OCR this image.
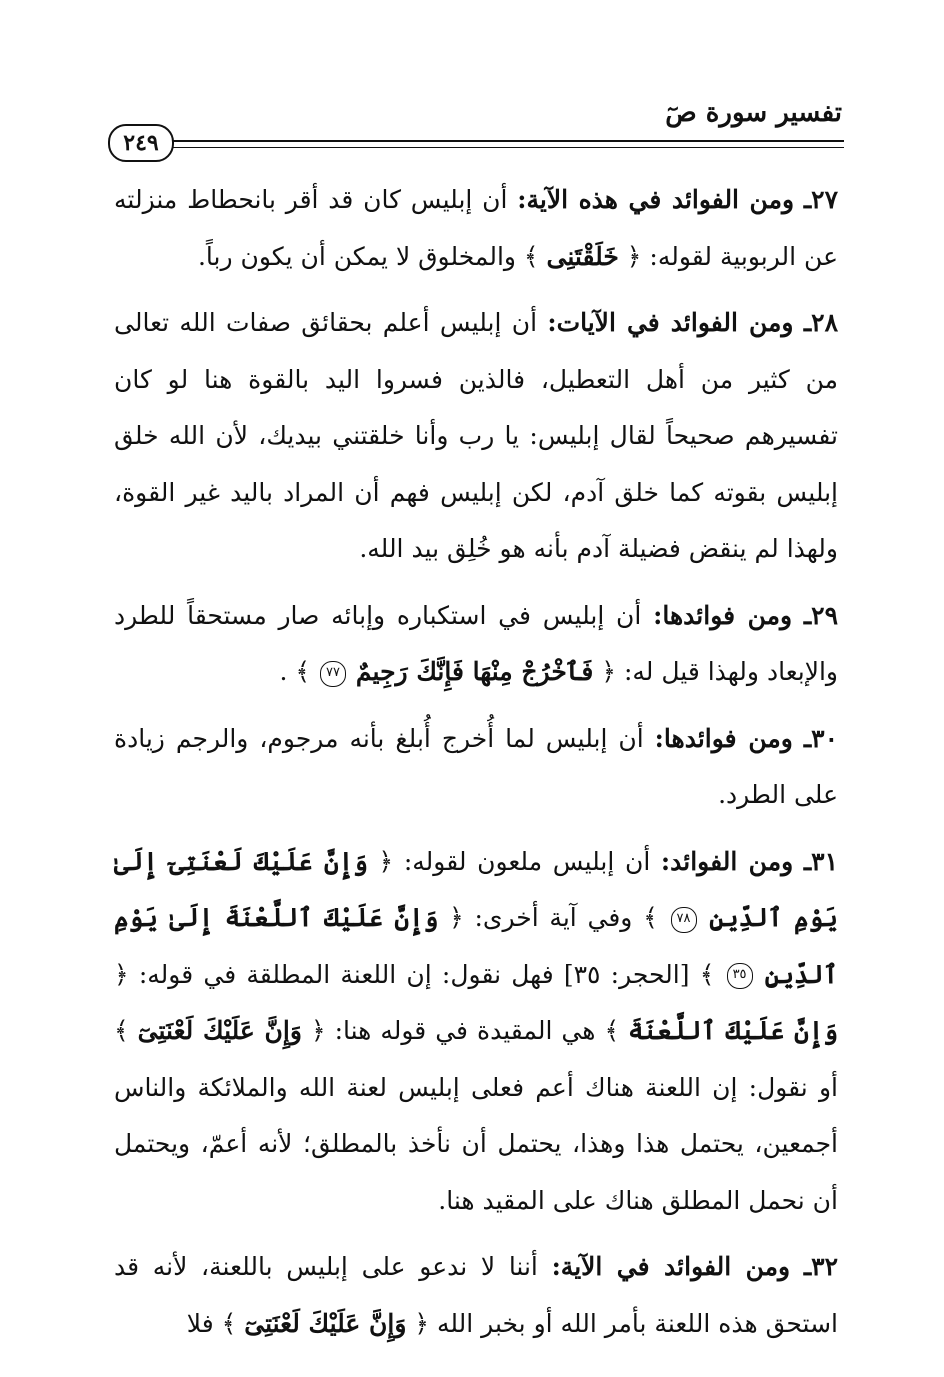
تفسير سورة صٓ
٢٤٩

٢٧ـ ومن الفوائد في هذه الآية: أن إبليس كان قد أقر بانحطاط منزلته عن الربوبية لقوله: ﴿ خَلَقْتَنِى ﴾ والمخلوق لا يمكن أن يكون رباً.

٢٨ـ ومن الفوائد في الآيات: أن إبليس أعلم بحقائق صفات الله تعالى من كثير من أهل التعطيل، فالذين فسروا اليد بالقوة هنا لو كان تفسيرهم صحيحاً لقال إبليس: يا رب وأنا خلقتني بيديك، لأن الله خلق إبليس بقوته كما خلق آدم، لكن إبليس فهم أن المراد باليد غير القوة، ولهذا لم ينقض فضيلة آدم بأنه هو خُلِق بيد الله.

٢٩ـ ومن فوائدها: أن إبليس في استكباره وإبائه صار مستحقاً للطرد والإبعاد ولهذا قيل له: ﴿ فَٱخْرُجْ مِنْهَا فَإِنَّكَ رَجِيمٌ ٧٧ ﴾ .

٣٠ـ ومن فوائدها: أن إبليس لما أُخرج أُبلغ بأنه مرجوم، والرجم زيادة على الطرد.

٣١ـ ومن الفوائد: أن إبليس ملعون لقوله: ﴿ وَإِنَّ عَلَيْكَ لَعْنَتِىٓ إِلَىٰ يَوْمِ ٱلدِّينِ ٧٨ ﴾ وفي آية أخرى: ﴿ وَإِنَّ عَلَيْكَ ٱللَّعْنَةَ إِلَىٰ يَوْمِ ٱلدِّينِ ٣٥ ﴾ [الحجر: ٣٥] فهل نقول: إن اللعنة المطلقة في قوله: ﴿ وَإِنَّ عَلَيْكَ ٱللَّعْنَةَ ﴾ هي المقيدة في قوله هنا: ﴿ وَإِنَّ عَلَيْكَ لَعْنَتِىٓ ﴾ أو نقول: إن اللعنة هناك أعم فعلى إبليس لعنة الله والملائكة والناس أجمعين، يحتمل هذا وهذا، يحتمل أن نأخذ بالمطلق؛ لأنه أعمّ، ويحتمل أن نحمل المطلق هناك على المقيد هنا.

٣٢ـ ومن الفوائد في الآية: أننا لا ندعو على إبليس باللعنة، لأنه قد استحق هذه اللعنة بأمر الله أو بخبر الله ﴿ وَإِنَّ عَلَيْكَ لَعْنَتِىٓ ﴾ فلا
